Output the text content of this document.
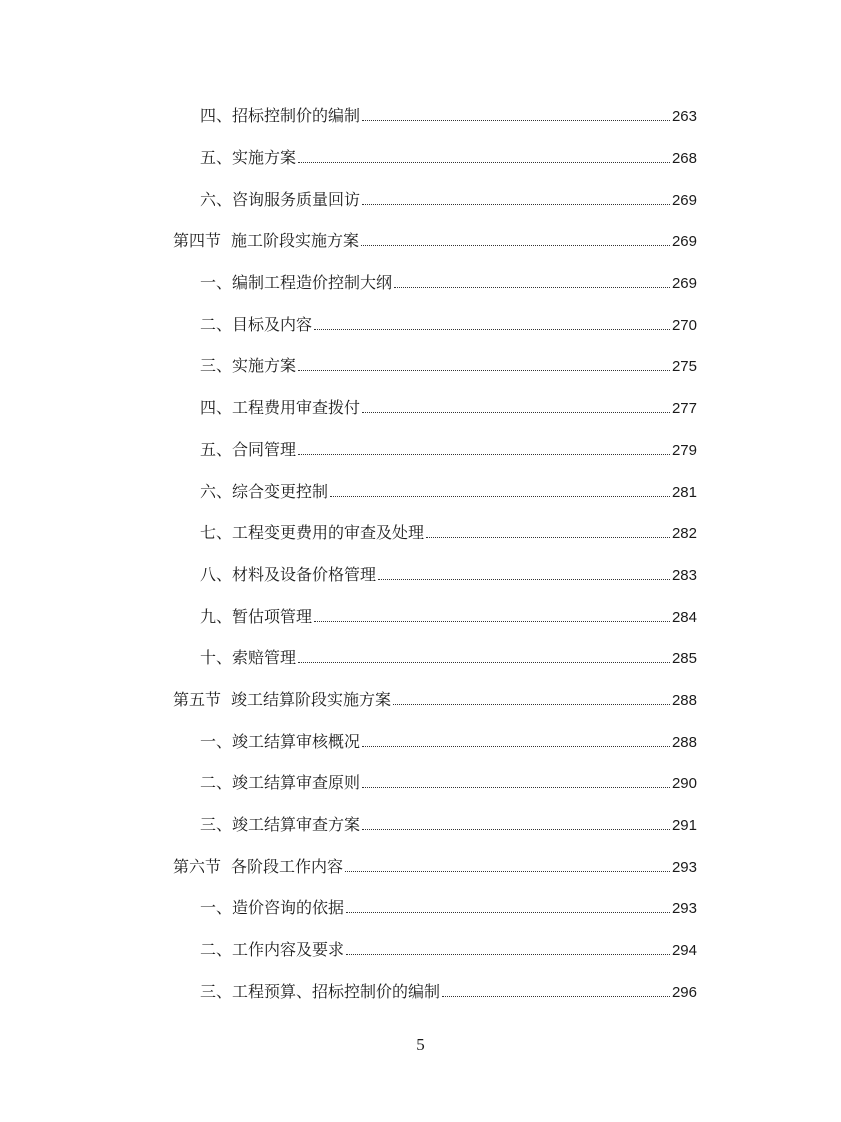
四、招标控制价的编制	263
五、实施方案	268
六、咨询服务质量回访	269
第四节 施工阶段实施方案	269
一、编制工程造价控制大纲	269
二、目标及内容	270
三、实施方案	275
四、工程费用审查拨付	277
五、合同管理	279
六、综合变更控制	281
七、工程变更费用的审查及处理	282
八、材料及设备价格管理	283
九、暂估项管理	284
十、索赔管理	285
第五节 竣工结算阶段实施方案	288
一、竣工结算审核概况	288
二、竣工结算审查原则	290
三、竣工结算审查方案	291
第六节 各阶段工作内容	293
一、造价咨询的依据	293
二、工作内容及要求	294
三、工程预算、招标控制价的编制	296
5
